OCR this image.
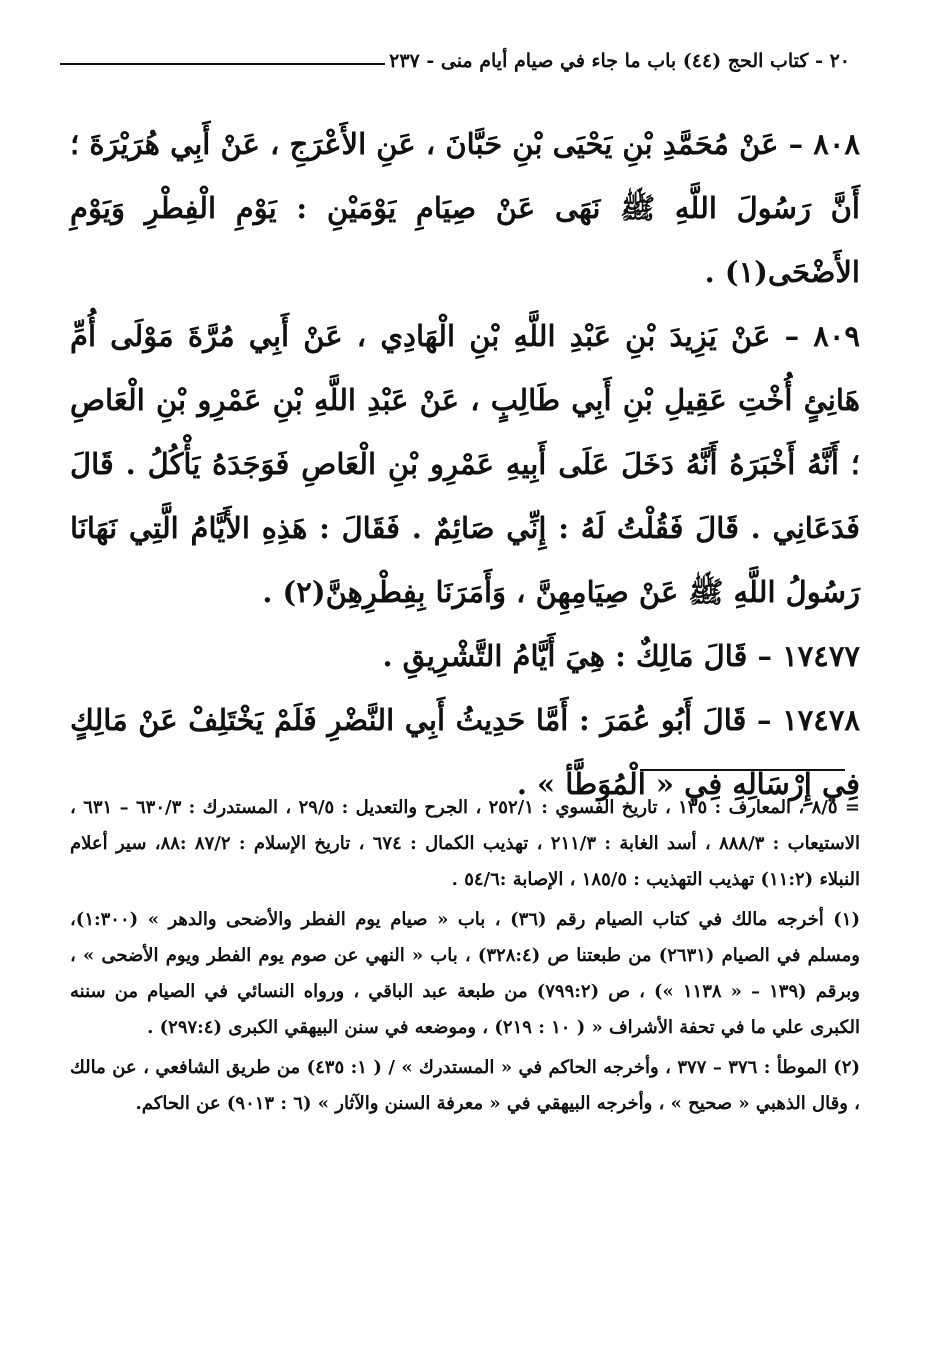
٢٠ - كتاب الحج (٤٤) باب ما جاء في صيام أيام منى - ٢٣٧

٨٠٨ – عَنْ مُحَمَّدِ بْنِ يَحْيَى بْنِ حَبَّانَ ، عَنِ الأَعْرَجِ ، عَنْ أَبِي هُرَيْرَةَ ؛ أَنَّ رَسُولَ اللَّهِ ﷺ نَهَى عَنْ صِيَامِ يَوْمَيْنِ : يَوْمِ الْفِطْرِ وَيَوْمِ الأَضْحَى(١) .

٨٠٩ – عَنْ يَزِيدَ بْنِ عَبْدِ اللَّهِ بْنِ الْهَادِي ، عَنْ أَبِي مُرَّةَ مَوْلَى أُمِّ هَانِئٍ أُخْتِ عَقِيلِ بْنِ أَبِي طَالِبٍ ، عَنْ عَبْدِ اللَّهِ بْنِ عَمْرِو بْنِ الْعَاصِ ؛ أَنَّهُ أَخْبَرَهُ أَنَّهُ دَخَلَ عَلَى أَبِيهِ عَمْرِو بْنِ الْعَاصِ فَوَجَدَهُ يَأْكُلُ . قَالَ فَدَعَانِي . قَالَ فَقُلْتُ لَهُ : إِنِّي صَائِمٌ . فَقَالَ : هَذِهِ الأَيَّامُ الَّتِي نَهَانَا رَسُولُ اللَّهِ ﷺ عَنْ صِيَامِهِنَّ ، وَأَمَرَنَا بِفِطْرِهِنَّ(٢) .

١٧٤٧٧ – قَالَ مَالِكٌ : هِيَ أَيَّامُ التَّشْرِيقِ .

١٧٤٧٨ – قَالَ أَبُو عُمَرَ : أَمَّا حَدِيثُ أَبِي النَّضْرِ فَلَمْ يَخْتَلِفْ عَنْ مَالِكٍ فِي إِرْسَالِهِ فِي « الْمُوَطَّأ » .

= ٨/٥ ، المعارف : ١٣٥ ، تاريخ الفسوي : ٢٥٢/١ ، الجرح والتعديل : ٢٩/٥ ، المستدرك : ٦٣٠/٣ – ٦٣١ ، الاستيعاب : ٨٨٨/٣ ، أسد الغابة : ٢١١/٣ ، تهذيب الكمال : ٦٧٤ ، تاريخ الإسلام : ٨٧/٢ :٨٨، سير أعلام النبلاء (١١:٢) تهذيب التهذيب : ١٨٥/٥ ، الإصابة :٥٤/٦ .

(١) أخرجه مالك في كتاب الصيام رقم (٣٦) ، باب « صيام يوم الفطر والأضحى والدهر » (١:٣٠٠)، ومسلم في الصيام (٢٦٣١) من طبعتنا ص (٣٢٨:٤) ، باب « النهي عن صوم يوم الفطر ويوم الأضحى » ، وبرقم (١٣٩ – « ١١٣٨ ») ، ص (٧٩٩:٢) من طبعة عبد الباقي ، ورواه النسائي في الصيام من سننه الكبرى علي ما في تحفة الأشراف « ( ١٠ : ٢١٩) ، وموضعه في سنن البيهقي الكبرى (٢٩٧:٤) .

(٢) الموطأ : ٣٧٦ – ٣٧٧ ، وأخرجه الحاكم في « المستدرك » / ( ١: ٤٣٥) من طريق الشافعي ، عن مالك ، وقال الذهبي « صحيح » ، وأخرجه البيهقي في « معرفة السنن والآثار » (٦ : ٩٠١٣) عن الحاكم.
